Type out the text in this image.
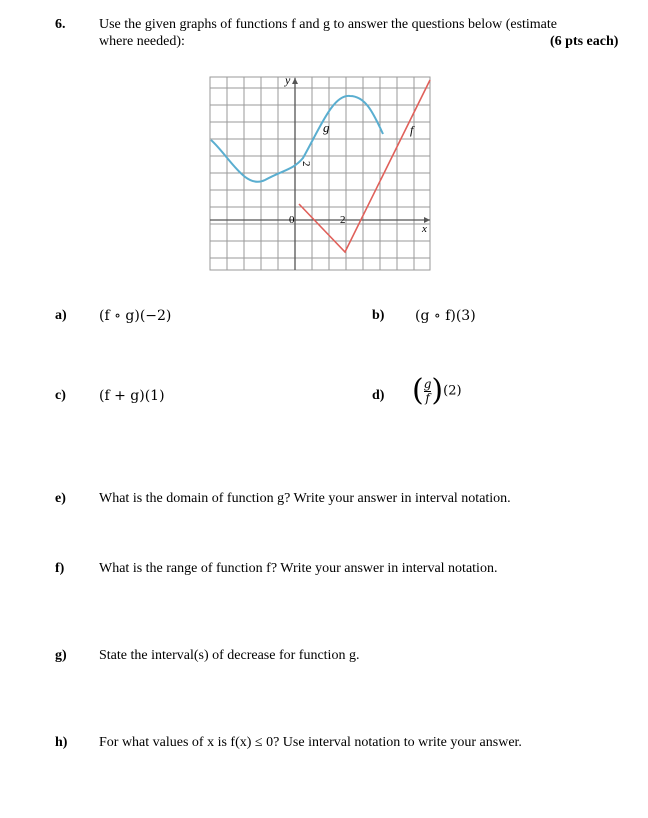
6. Use the given graphs of functions f and g to answer the questions below (estimate
where needed):	(6 pts each)
y
x
g	f
2
0	2
a) (f ∘ g)(−2)	b) (g ∘ f)(3)
c) (f + g)(1)	d) $(\frac{g}{f})(2)$
e) What is the domain of function g? Write your answer in interval notation.
f) What is the range of function f? Write your answer in interval notation.
g) State the interval(s) of decrease for function g.
h) For what values of x is f(x) ≤ 0? Use interval notation to write your answer.
